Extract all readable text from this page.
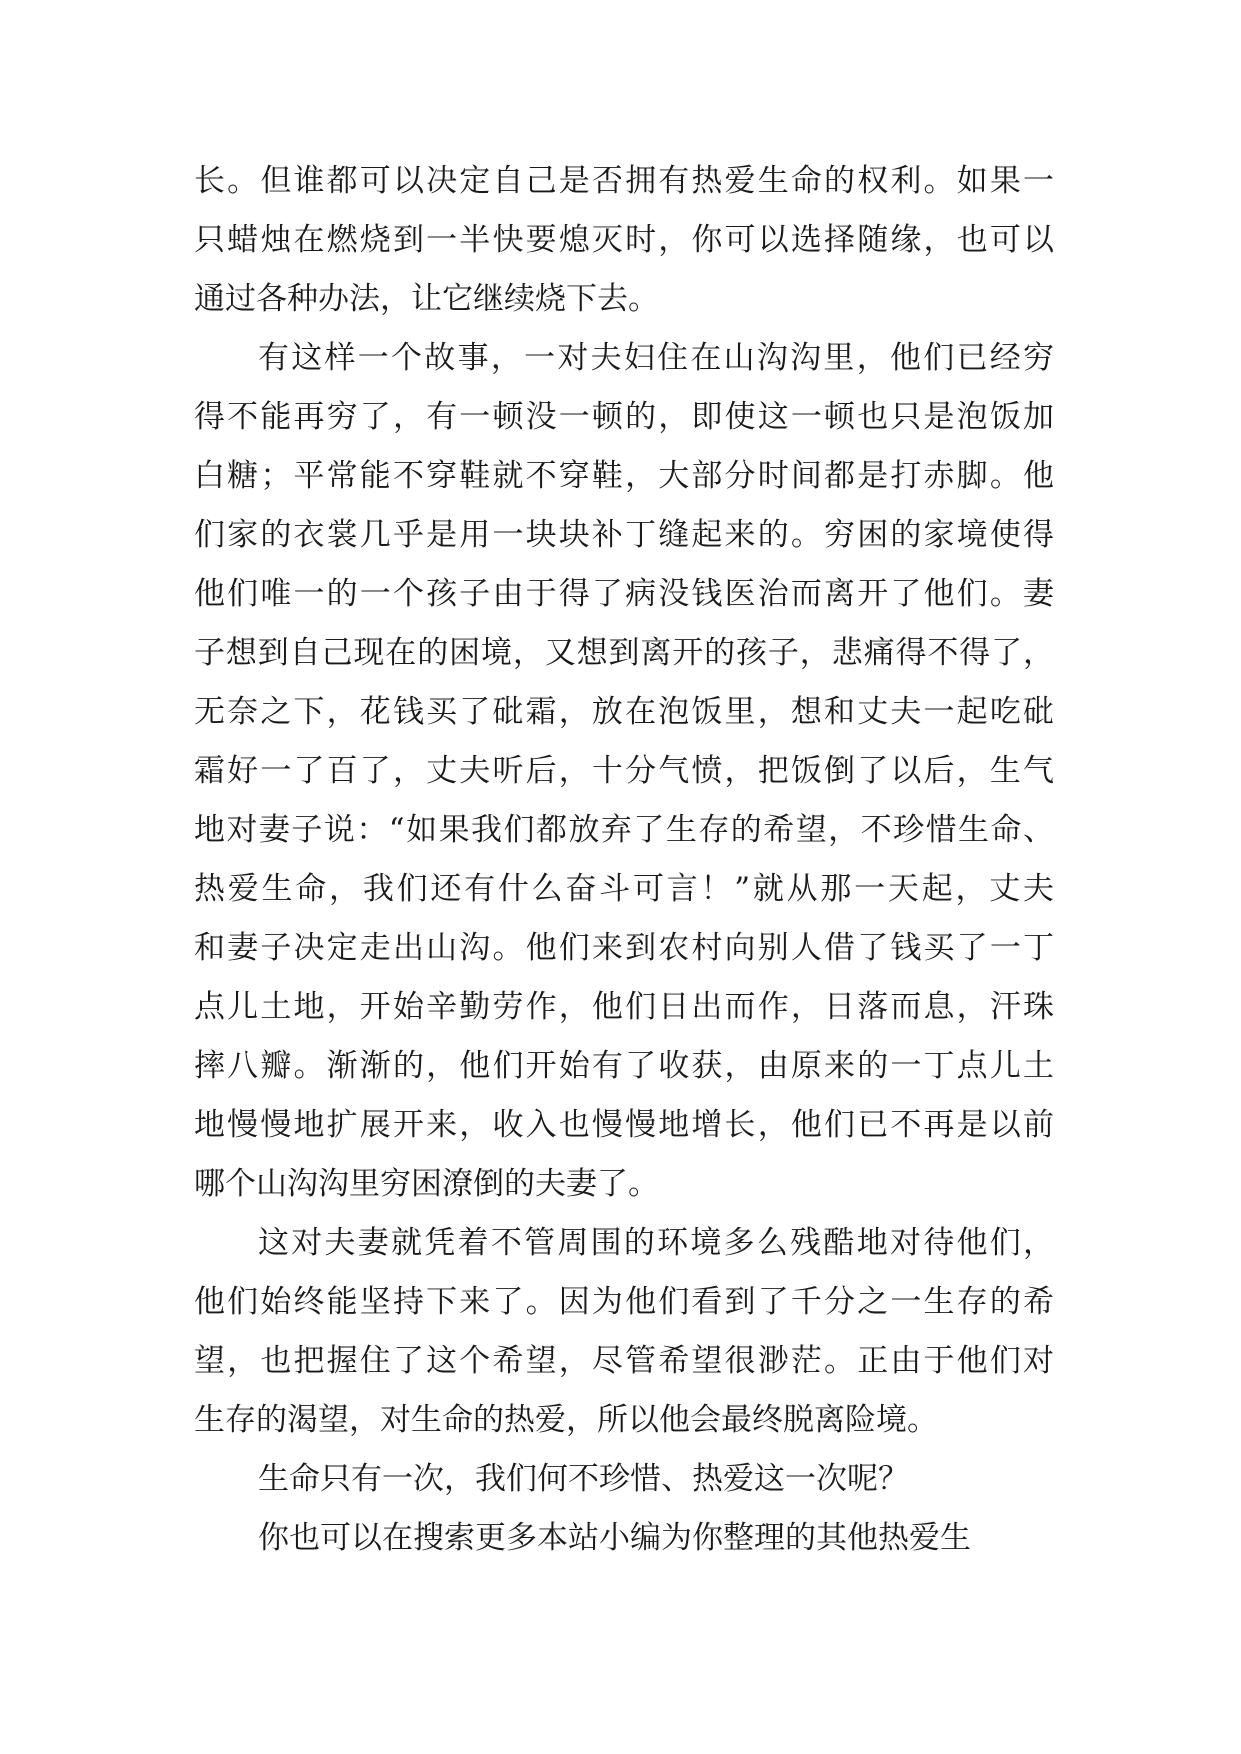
长。但谁都可以决定自己是否拥有热爱生命的权利。如果一
只蜡烛在燃烧到一半快要熄灭时，你可以选择随缘，也可以
通过各种办法，让它继续烧下去。
有这样一个故事，一对夫妇住在山沟沟里，他们已经穷
得不能再穷了，有一顿没一顿的，即使这一顿也只是泡饭加
白糖；平常能不穿鞋就不穿鞋，大部分时间都是打赤脚。他
们家的衣裳几乎是用一块块补丁缝起来的。穷困的家境使得
他们唯一的一个孩子由于得了病没钱医治而离开了他们。妻
子想到自己现在的困境，又想到离开的孩子，悲痛得不得了，
无奈之下，花钱买了砒霜，放在泡饭里，想和丈夫一起吃砒
霜好一了百了，丈夫听后，十分气愤，把饭倒了以后，生气
地对妻子说：“如果我们都放弃了生存的希望，不珍惜生命、
热爱生命，我们还有什么奋斗可言！”就从那一天起，丈夫
和妻子决定走出山沟。他们来到农村向别人借了钱买了一丁
点儿土地，开始辛勤劳作，他们日出而作，日落而息，汗珠
摔八瓣。渐渐的，他们开始有了收获，由原来的一丁点儿土
地慢慢地扩展开来，收入也慢慢地增长，他们已不再是以前
哪个山沟沟里穷困潦倒的夫妻了。
这对夫妻就凭着不管周围的环境多么残酷地对待他们，
他们始终能坚持下来了。因为他们看到了千分之一生存的希
望，也把握住了这个希望，尽管希望很渺茫。正由于他们对
生存的渴望，对生命的热爱，所以他会最终脱离险境。
生命只有一次，我们何不珍惜、热爱这一次呢？
你也可以在搜索更多本站小编为你整理的其他热爱生
